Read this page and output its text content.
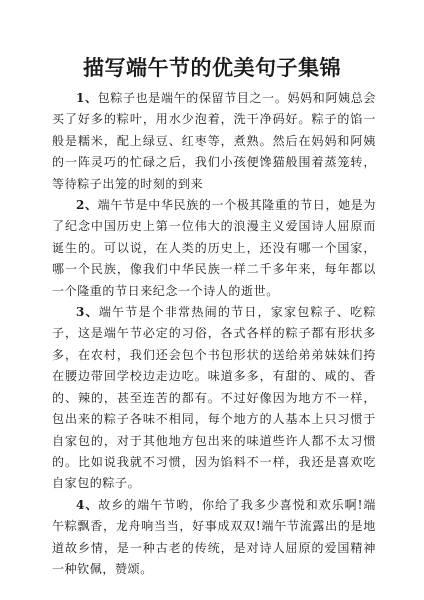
描写端午节的优美句子集锦

1、包粽子也是端午的保留节目之一。妈妈和阿姨总会买了好多的粽叶，用水少泡着，洗干净码好。粽子的馅一般是糯米，配上绿豆、红枣等，煮熟。然后在妈妈和阿姨的一阵灵巧的忙碌之后，我们小孩便馋猫般围着蒸笼转，等待粽子出笼的时刻的到来

2、端午节是中华民族的一个极其隆重的节日，她是为了纪念中国历史上第一位伟大的浪漫主义爱国诗人屈原而诞生的。可以说，在人类的历史上，还没有哪一个国家，哪一个民族，像我们中华民族一样二千多年来，每年都以一个隆重的节日来纪念一个诗人的逝世。

3、端午节是个非常热闹的节日，家家包粽子、吃粽子，这是端午节必定的习俗，各式各样的粽子都有形状多多，在农村，我们还会包个书包形状的送给弟弟妹妹们挎在腰边带回学校边走边吃。味道多多，有甜的、咸的、香的、辣的，甚至连苦的都有。不过好像因为地方不一样，包出来的粽子各味不相同，每个地方的人基本上只习惯于自家包的，对于其他地方包出来的味道些许人都不太习惯的。比如说我就不习惯，因为馅料不一样，我还是喜欢吃自家包的粽子。

4、故乡的端午节哟，你给了我多少喜悦和欢乐啊!端午粽飘香，龙舟响当当，好事成双双!端午节流露出的是地道故乡情，是一种古老的传统，是对诗人屈原的爱国精神一种钦佩，赞颂。
